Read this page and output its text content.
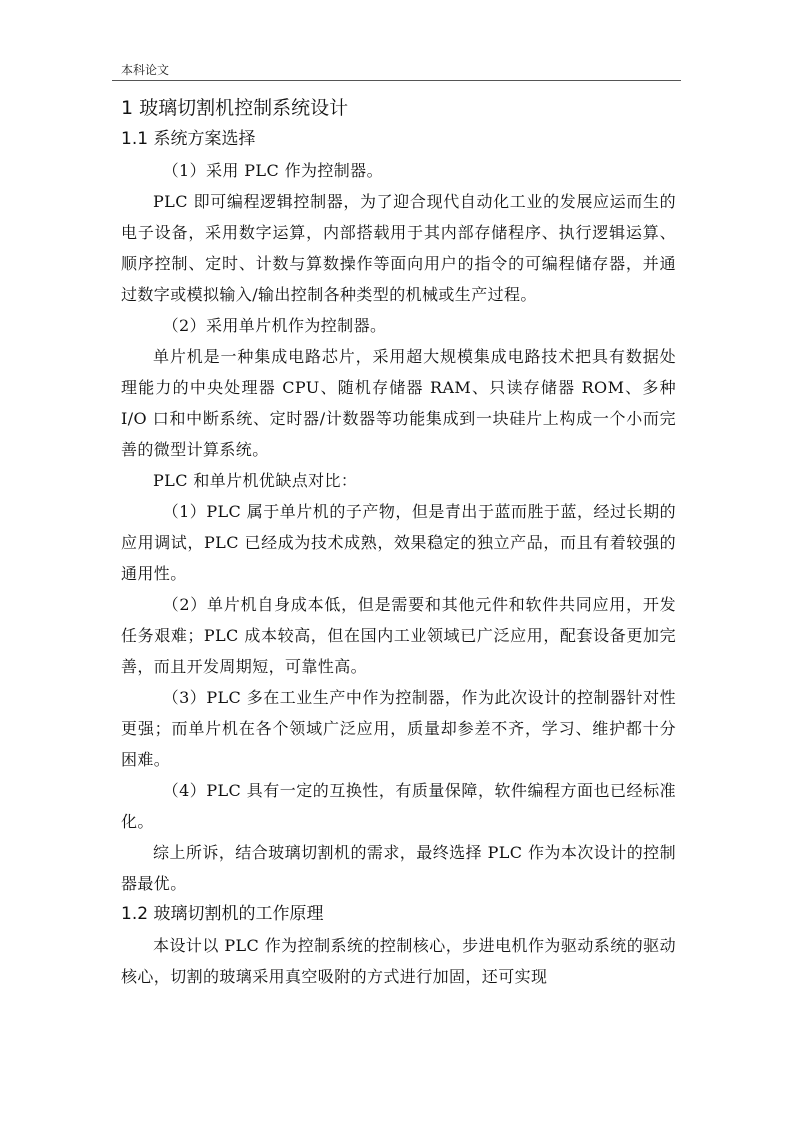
本科论文
1 玻璃切割机控制系统设计
1.1 系统方案选择

（1）采用 PLC 作为控制器。

PLC 即可编程逻辑控制器，为了迎合现代自动化工业的发展应运而生的电子设备，采用数字运算，内部搭载用于其内部存储程序、执行逻辑运算、顺序控制、定时、计数与算数操作等面向用户的指令的可编程储存器，并通过数字或模拟输入/输出控制各种类型的机械或生产过程。

（2）采用单片机作为控制器。

单片机是一种集成电路芯片，采用超大规模集成电路技术把具有数据处理能力的中央处理器 CPU、随机存储器 RAM、只读存储器 ROM、多种 I/O 口和中断系统、定时器/计数器等功能集成到一块硅片上构成一个小而完善的微型计算系统。

PLC 和单片机优缺点对比：

（1）PLC 属于单片机的子产物，但是青出于蓝而胜于蓝，经过长期的应用调试，PLC 已经成为技术成熟，效果稳定的独立产品，而且有着较强的通用性。

（2）单片机自身成本低，但是需要和其他元件和软件共同应用，开发任务艰难；PLC 成本较高，但在国内工业领域已广泛应用，配套设备更加完善，而且开发周期短，可靠性高。

（3）PLC 多在工业生产中作为控制器，作为此次设计的控制器针对性更强；而单片机在各个领域广泛应用，质量却参差不齐，学习、维护都十分困难。

（4）PLC 具有一定的互换性，有质量保障，软件编程方面也已经标准化。

综上所诉，结合玻璃切割机的需求，最终选择 PLC 作为本次设计的控制器最优。

1.2 玻璃切割机的工作原理

本设计以 PLC 作为控制系统的控制核心，步进电机作为驱动系统的驱动核心，切割的玻璃采用真空吸附的方式进行加固，还可实现
